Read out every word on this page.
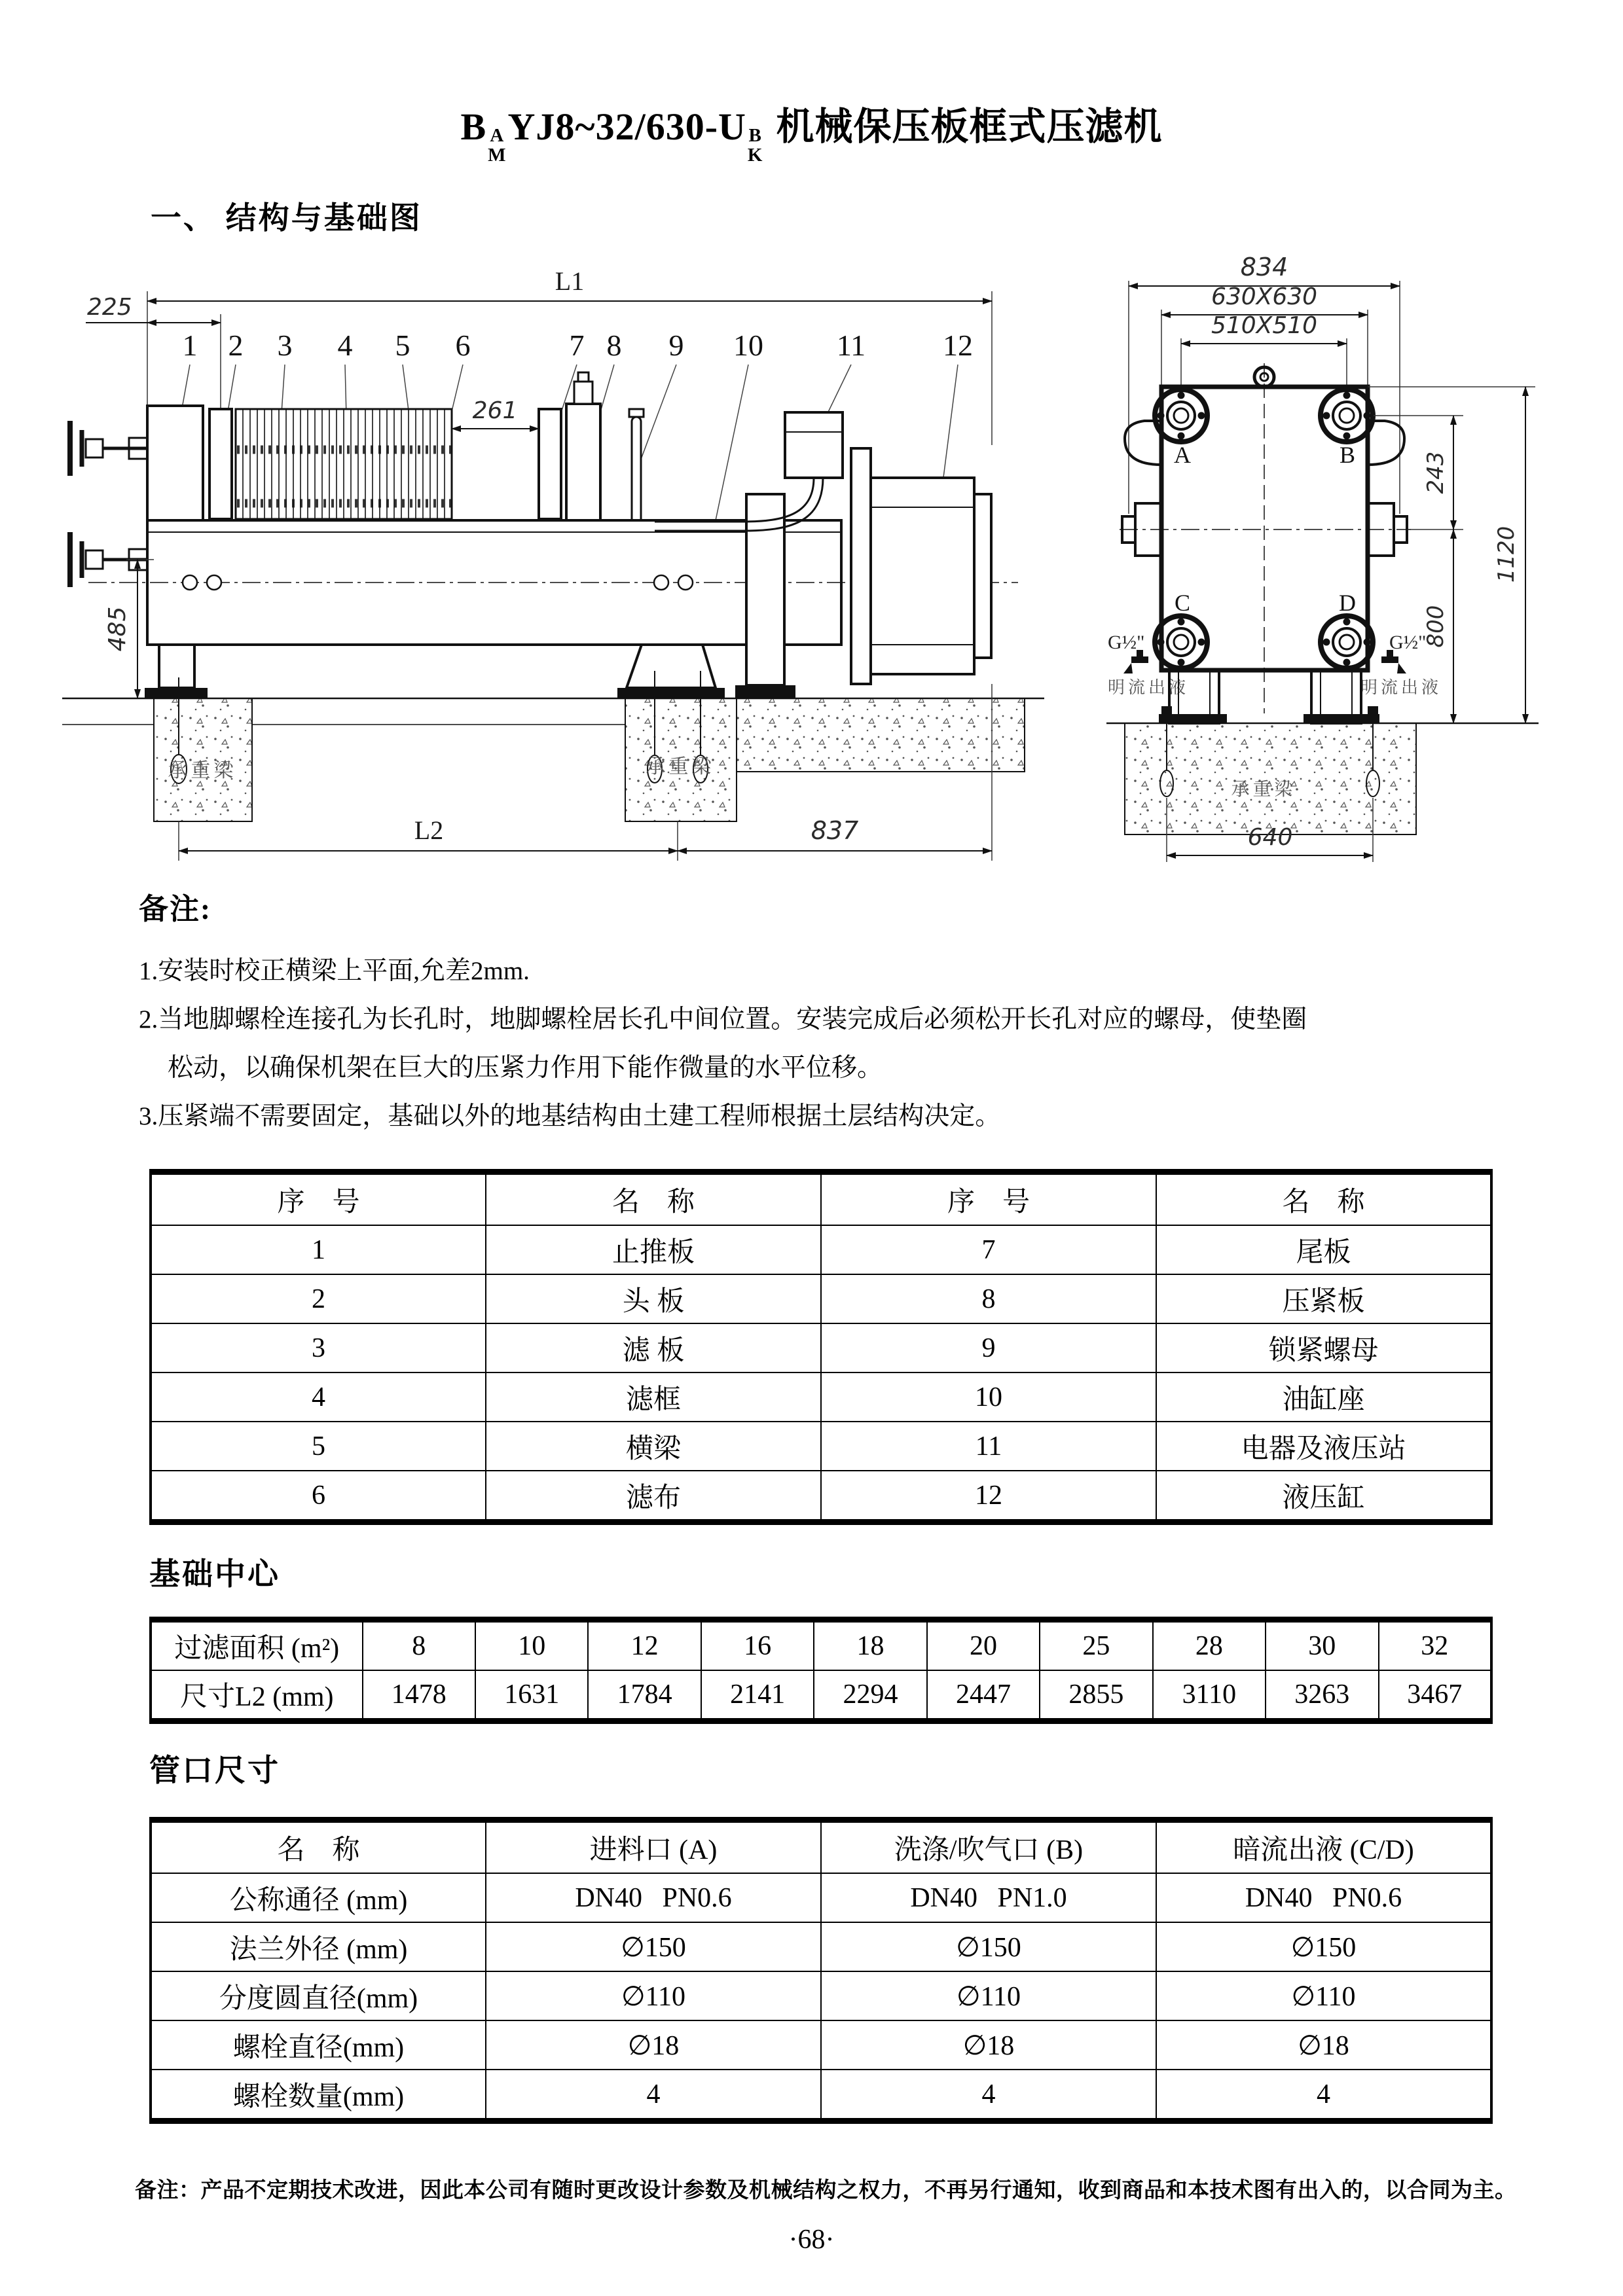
B A
M
YJ8~32/630-U B
K
机械保压板框式压滤机
一、 结构与基础图
L1
225
1 2 3 4 5 6	7 8 9 10 11	12
261
承重梁	承重梁
485
L2	837
834
630X630
510X510
A	B
C	D
G½"	G½"
明流出液	明流出液
承重梁
640
243
800
1120
备注:
1.安装时校正横梁上平面,允差2mm.
2.当地脚螺栓连接孔为长孔时，地脚螺栓居长孔中间位置。安装完成后必须松开长孔对应的螺母，使垫圈
松动，以确保机架在巨大的压紧力作用下能作微量的水平位移。
3.压紧端不需要固定，基础以外的地基结构由土建工程师根据土层结构决定。
序　号	名　称	序　号	名　称
1	止推板	7	尾板
2	头 板	8	压紧板
3	滤 板	9	锁紧螺母
4	滤框	10	油缸座
5	横梁	11	电器及液压站
6	滤布	12	液压缸
基础中心
过滤面积 (m²)	8	10	12	16	18	20	25	28	30	32
尺寸L2 (mm)	1478	1631	1784	2141	2294	2447	2855	3110	3263	3467
管口尺寸
名　称	进料口 (A)	洗涤/吹气口 (B)	暗流出液 (C/D)
公称通径 (mm)	DN40 PN0.6	DN40 PN1.0	DN40 PN0.6
法兰外径 (mm)	∅150	∅150	∅150
分度圆直径(mm)	∅110	∅110	∅110
螺栓直径(mm)	∅18	∅18	∅18
螺栓数量(mm)	4	4	4
备注：产品不定期技术改进，因此本公司有随时更改设计参数及机械结构之权力，不再另行通知，收到商品和本技术图有出入的，以合同为主。
·68·
